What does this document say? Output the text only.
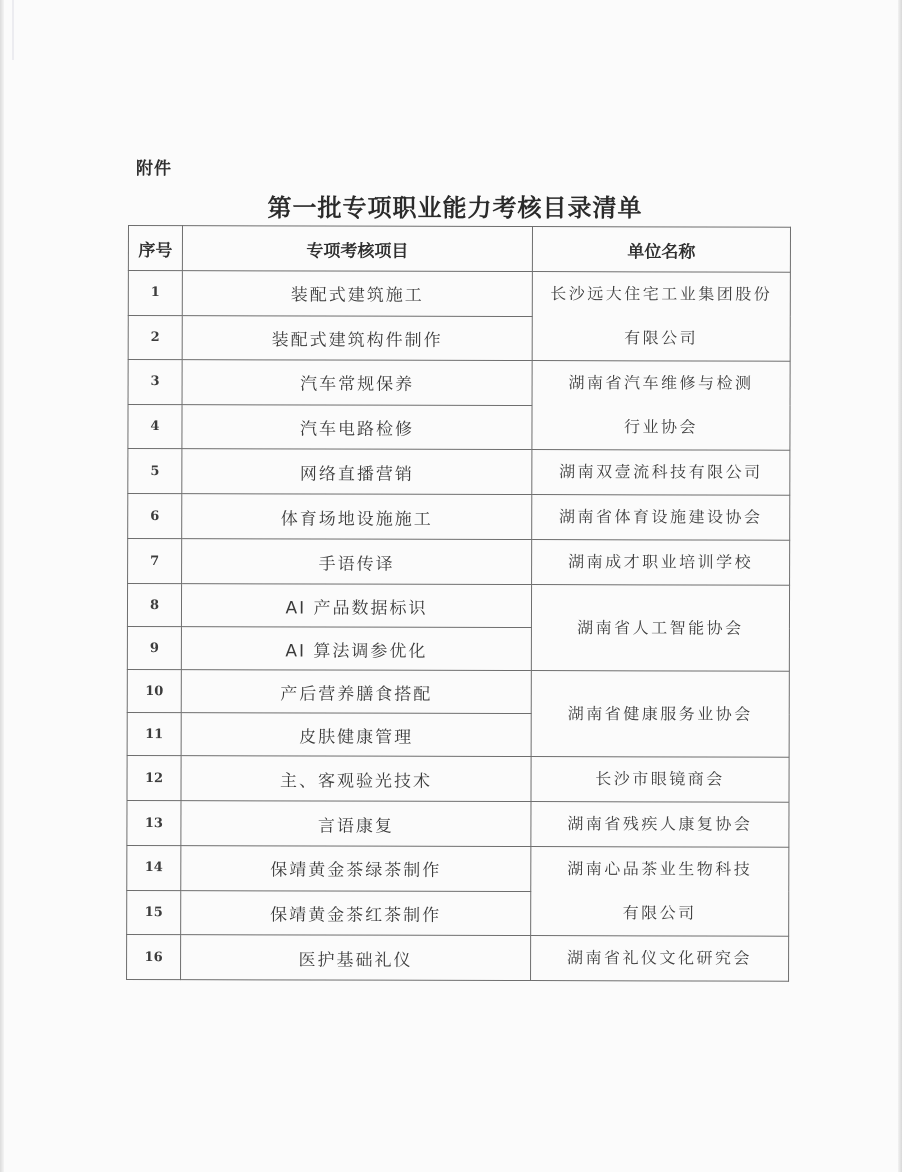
附件
第一批专项职业能力考核目录清单
序号	专项考核项目	单位名称
1	装配式建筑施工	长沙远大住宅工业集团股份
有限公司

2	装配式建筑构件制作	
3	汽车常规保养	湖南省汽车维修与检测
行业协会

4	汽车电路检修	
5	网络直播营销	湖南双壹流科技有限公司
6	体育场地设施施工	湖南省体育设施建设协会
7	手语传译	湖南成才职业培训学校
8	AI 产品数据标识	湖南省人工智能协会
9	AI 算法调参优化	
10	产后营养膳食搭配	湖南省健康服务业协会
11	皮肤健康管理	
12	主、客观验光技术	长沙市眼镜商会
13	言语康复	湖南省残疾人康复协会
14	保靖黄金茶绿茶制作	湖南心品茶业生物科技
有限公司

15	保靖黄金茶红茶制作	
16	医护基础礼仪	湖南省礼仪文化研究会
